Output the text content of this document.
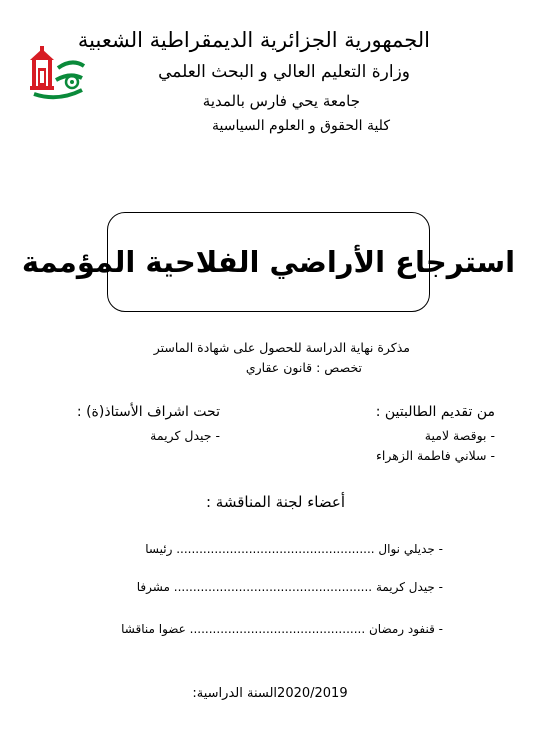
الجمهورية الجزائرية الديمقراطية الشعبية
وزارة التعليم العالي و البحث العلمي
جامعة يحي فارس بالمدية
كلية الحقوق و العلوم السياسية
استرجاع الأراضي الفلاحية المؤممة
مذكرة نهاية الدراسة للحصول على شهادة الماستر
تخصص : قانون عقاري
من تقديم الطالبتين :
- بوقصة لامية
- سلاني فاطمة الزهراء
تحت اشراف الأستاذ(ة) :
- جيدل كريمة
أعضاء لجنة المناقشة :
- جديلي نوال .................................................... رئيسا
- جيدل كريمة .................................................... مشرفا
- قنفود رمضان .............................................. عضوا مناقشا
السنة الدراسية:2020/2019
